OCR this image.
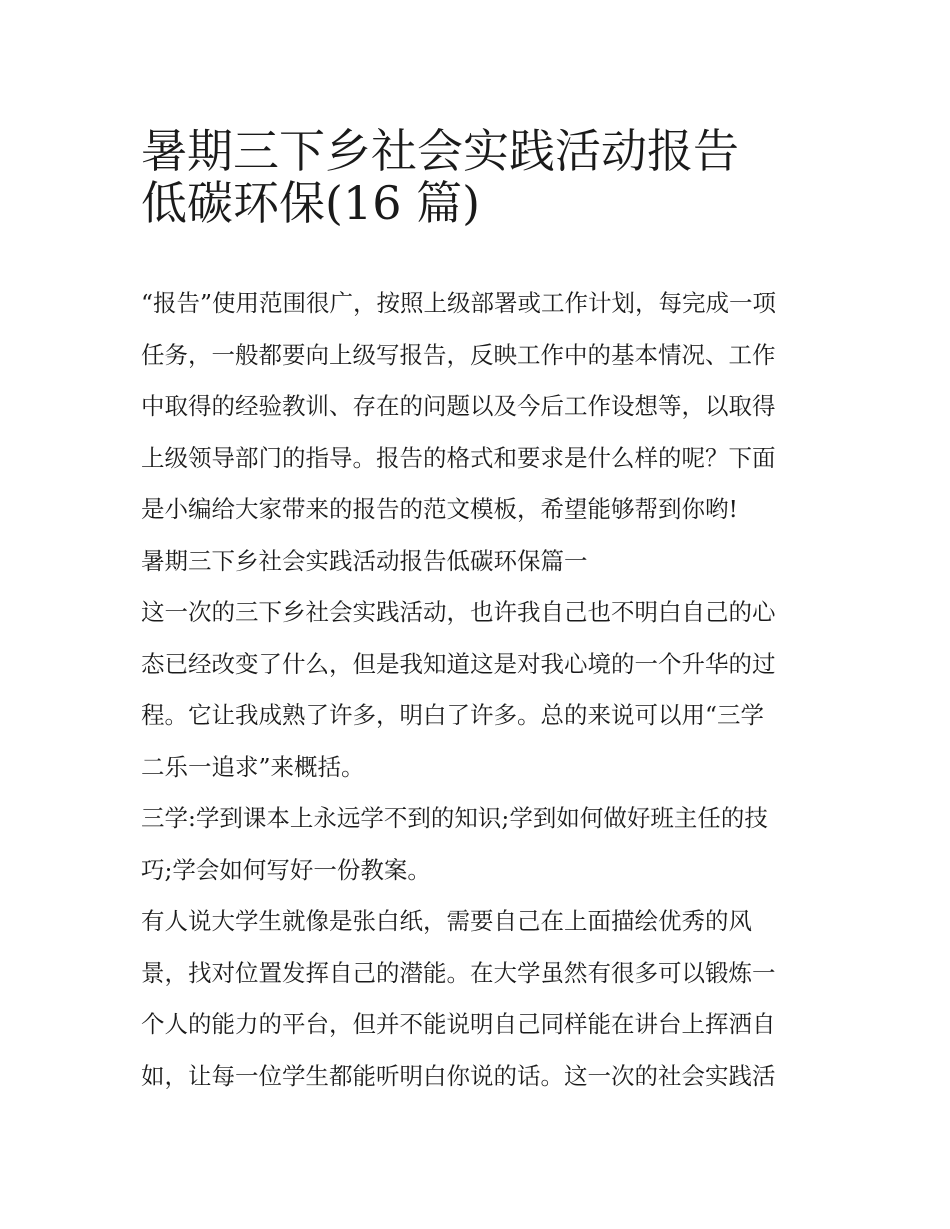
暑期三下乡社会实践活动报告
低碳环保(16 篇)
“报告”使用范围很广，按照上级部署或工作计划，每完成一项
任务，一般都要向上级写报告，反映工作中的基本情况、工作
中取得的经验教训、存在的问题以及今后工作设想等，以取得
上级领导部门的指导。报告的格式和要求是什么样的呢？下面
是小编给大家带来的报告的范文模板，希望能够帮到你哟!
暑期三下乡社会实践活动报告低碳环保篇一
这一次的三下乡社会实践活动，也许我自己也不明白自己的心
态已经改变了什么，但是我知道这是对我心境的一个升华的过
程。它让我成熟了许多，明白了许多。总的来说可以用“三学
二乐一追求”来概括。
三学:学到课本上永远学不到的知识;学到如何做好班主任的技
巧;学会如何写好一份教案。
有人说大学生就像是张白纸，需要自己在上面描绘优秀的风
景，找对位置发挥自己的潜能。在大学虽然有很多可以锻炼一
个人的能力的平台，但并不能说明自己同样能在讲台上挥洒自
如，让每一位学生都能听明白你说的话。这一次的社会实践活
